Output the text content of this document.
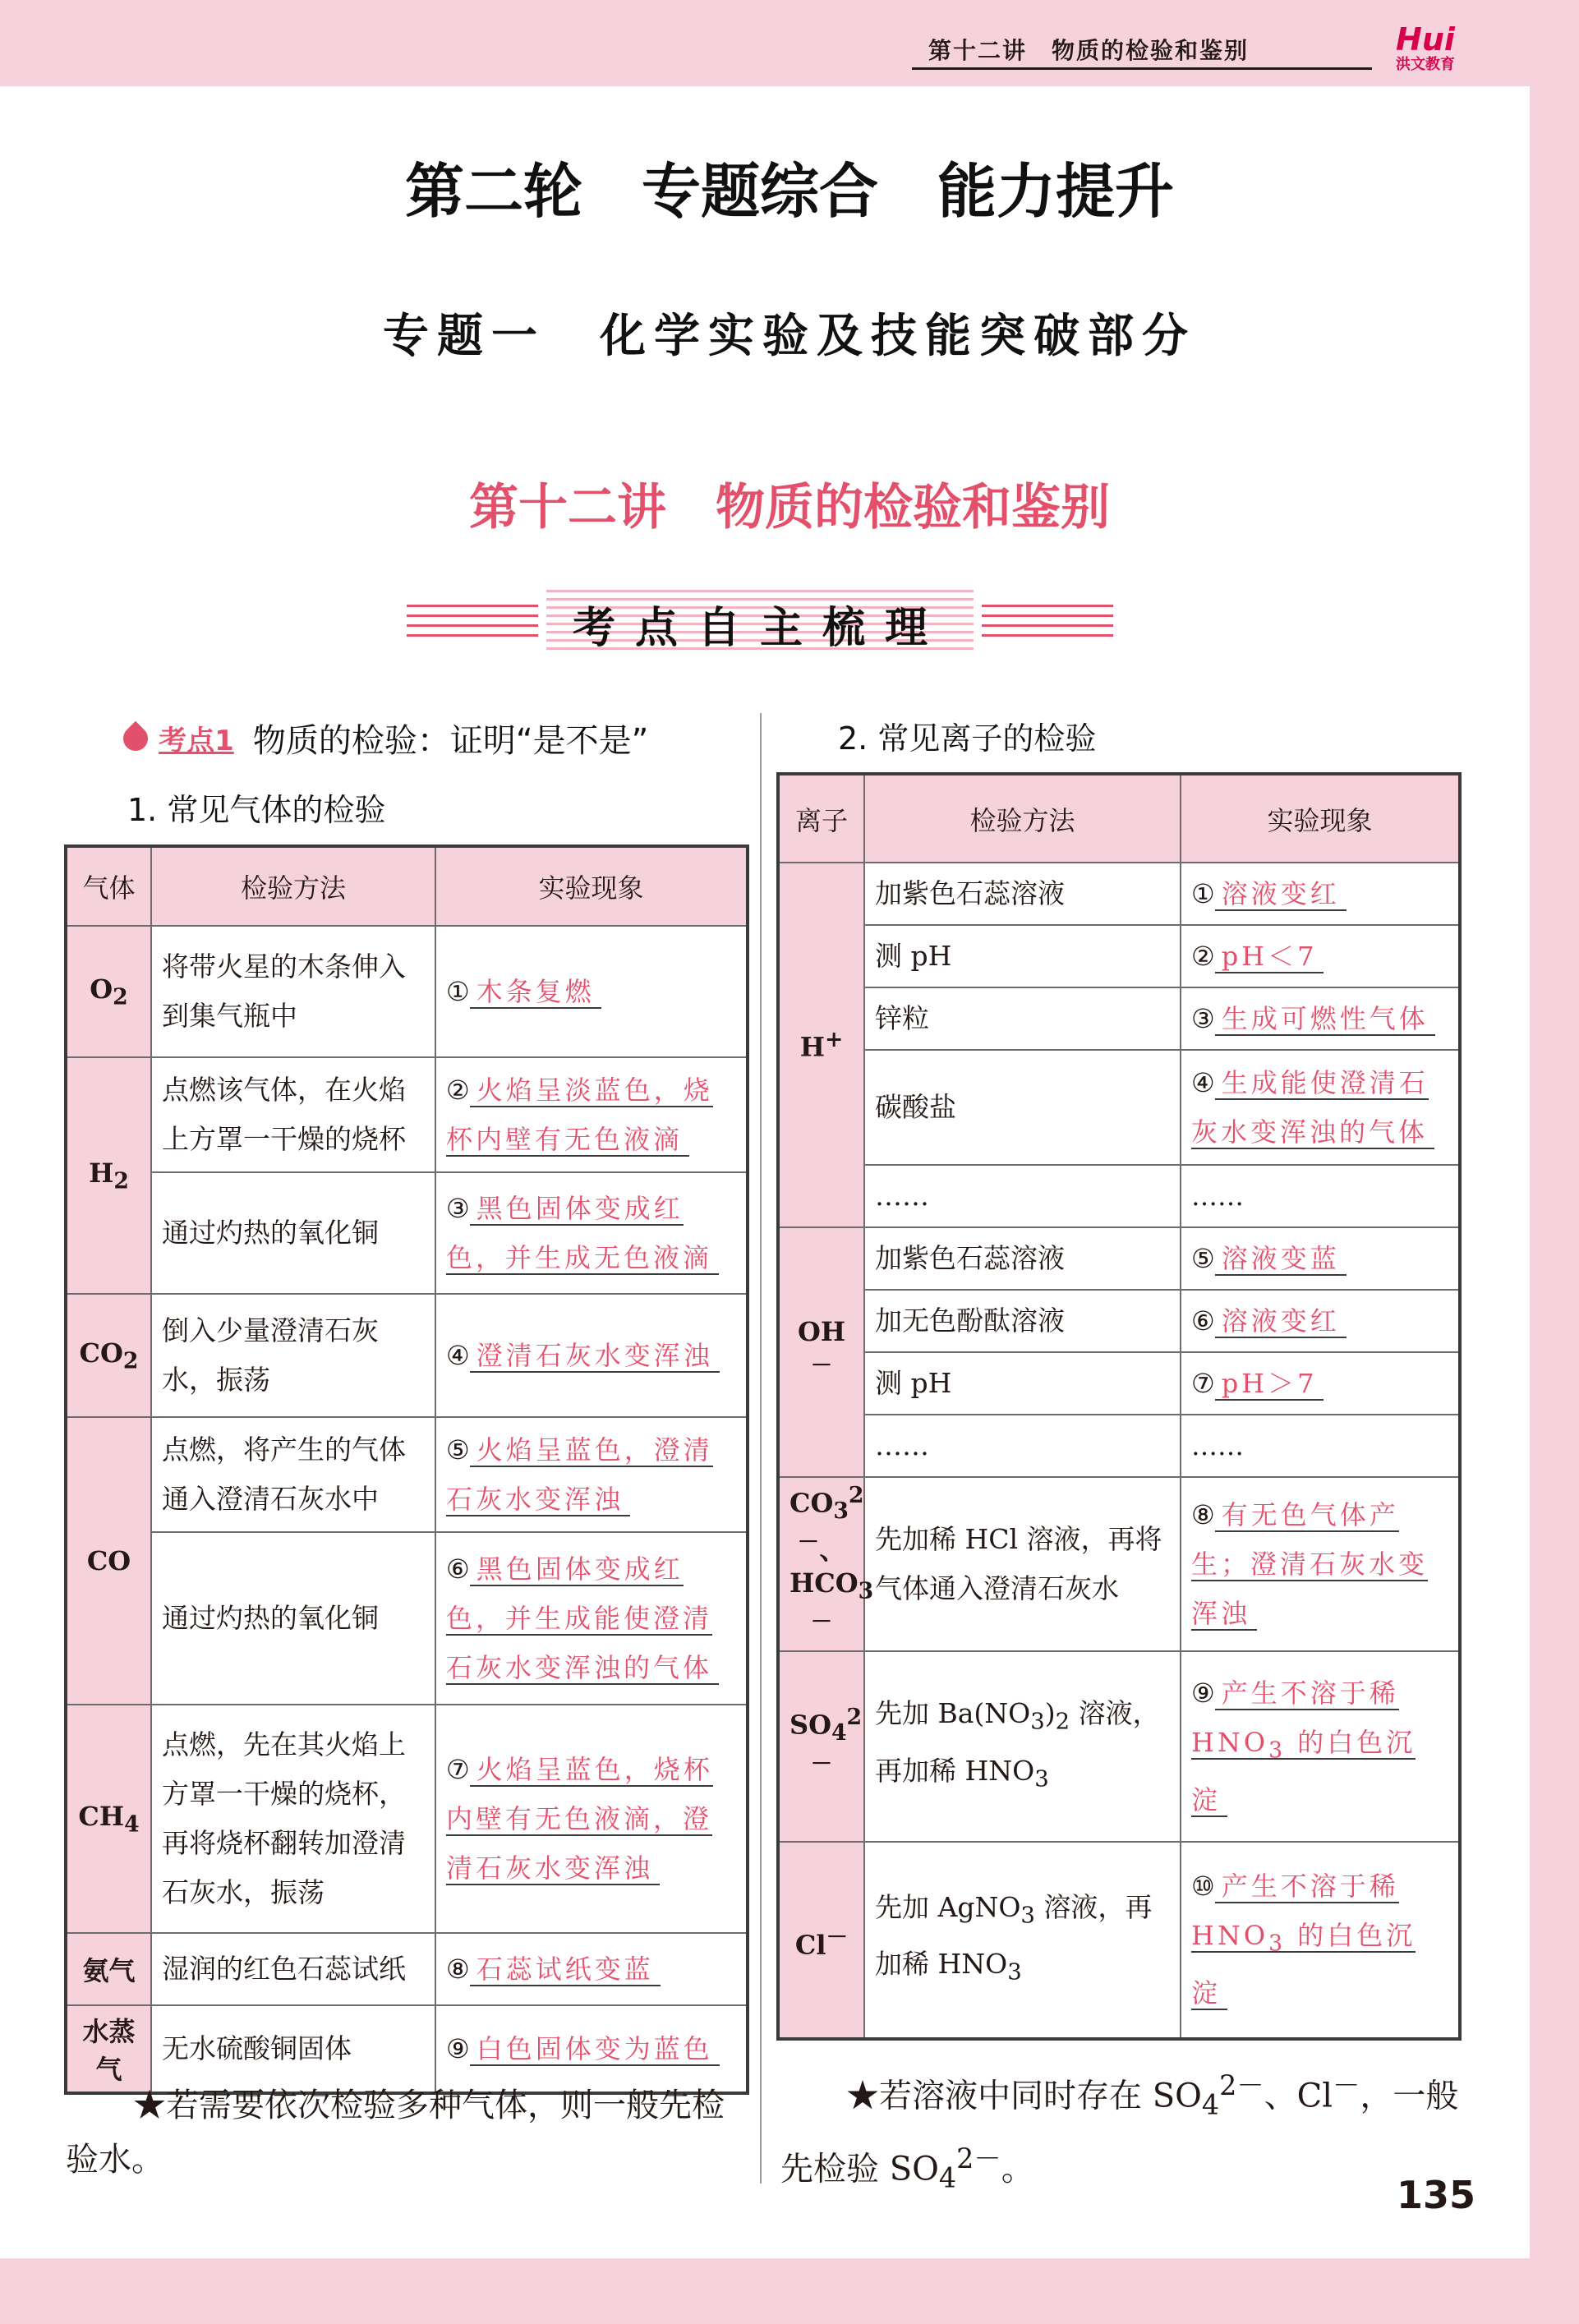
第十二讲　物质的检验和鉴别	Hui
洪文教育
第二轮　专题综合　能力提升
专题一　化学实验及技能突破部分
第十二讲　物质的检验和鉴别
考点自主梳理
考点1 物质的检验：证明“是不是”
1. 常见气体的检验
气体	检验方法	实验现象
$O_2$	将带火星的木条伸入到集气瓶中	① 木条复燃
$H_2$	点燃该气体，在火焰上方罩一干燥的烧杯	② 火焰呈淡蓝色，烧杯内壁有无色液滴
	通过灼热的氧化铜	③ 黑色固体变成红色，并生成无色液滴
$CO_2$	倒入少量澄清石灰水，振荡	④ 澄清石灰水变浑浊
CO	点燃，将产生的气体通入澄清石灰水中	⑤ 火焰呈蓝色，澄清石灰水变浑浊
	通过灼热的氧化铜	⑥ 黑色固体变成红色，并生成能使澄清石灰水变浑浊的气体
$CH_4$	点燃，先在其火焰上方罩一干燥的烧杯，再将烧杯翻转加澄清石灰水，振荡	⑦ 火焰呈蓝色，烧杯内壁有无色液滴，澄清石灰水变浑浊
氨气	湿润的红色石蕊试纸	⑧ 石蕊试纸变蓝
水蒸气	无水硫酸铜固体	⑨ 白色固体变为蓝色
★若需要依次检验多种气体，则一般先检验水。
2. 常见离子的检验
离子	检验方法	实验现象
H+	加紫色石蕊溶液	① 溶液变红
	测 pH	② pH＜7
	锌粒	③ 生成可燃性气体
	碳酸盐	④ 生成能使澄清石灰水变浑浊的气体
	……	……
OH－	加紫色石蕊溶液	⑤ 溶液变蓝
	加无色酚酞溶液	⑥ 溶液变红
	测 pH	⑦ pH＞7
	……	……
$CO_3^{2-}$、
$HCO_3^-$	先加稀 HCl 溶液，再将气体通入澄清石灰水	⑧ 有无色气体产生；澄清石灰水变浑浊
$SO_4^{2-}$	先加 $Ba(NO_3)_2$ 溶液，再加稀 $HNO_3$	⑨ 产生不溶于稀 $HNO_3$ 的白色沉淀
Cl－	先加 AgNO$_3$ 溶液，再加稀 $HNO_3$	⑩ 产生不溶于稀 $HNO_3$ 的白色沉淀
★若溶液中同时存在 $SO_4^{2-}$、Cl－，一般先检验 $SO_4^{2-}$。
135
